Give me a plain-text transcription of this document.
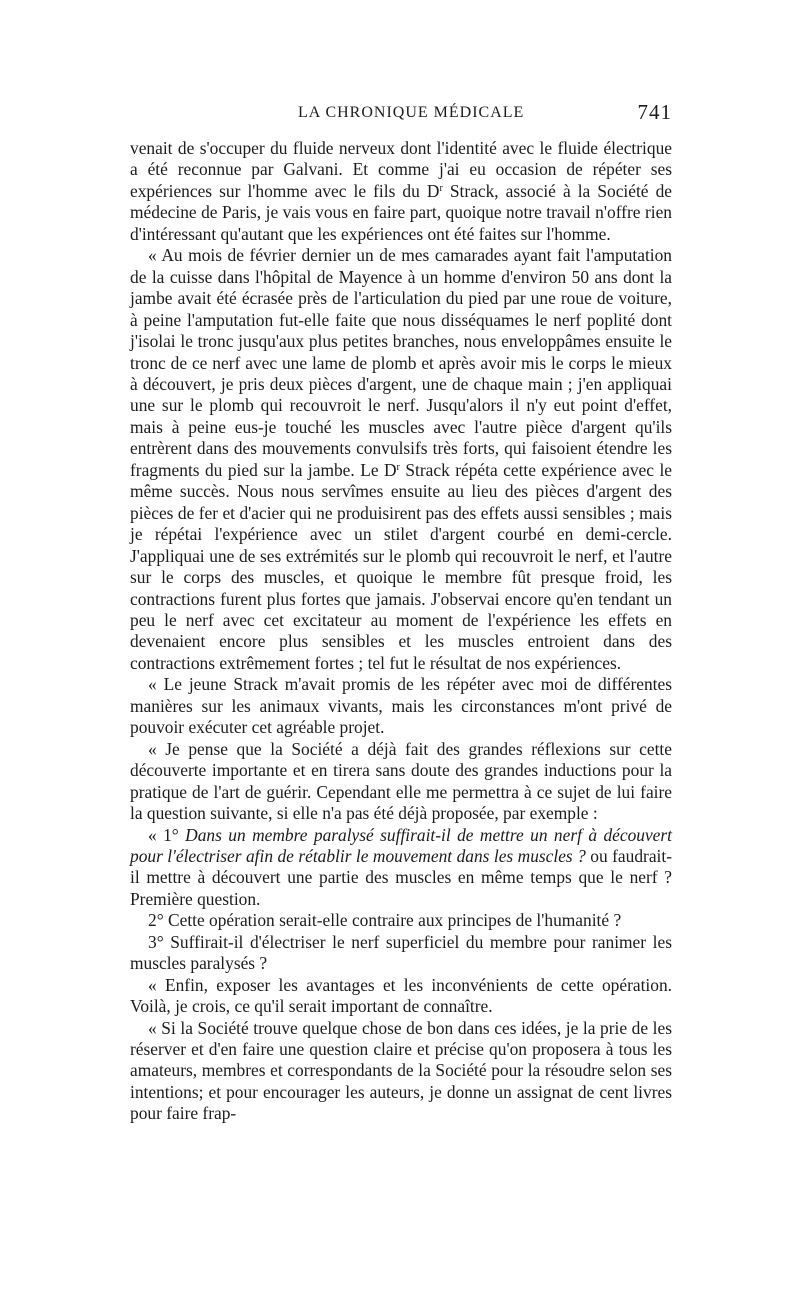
LA CHRONIQUE MÉDICALE	741

venait de s'occuper du fluide nerveux dont l'identité avec le fluide électrique a été reconnue par Galvani. Et comme j'ai eu occasion de répéter ses expériences sur l'homme avec le fils du $D^r$ Strack, associé à la Société de médecine de Paris, je vais vous en faire part, quoique notre travail n'offre rien d'intéressant qu'autant que les expériences ont été faites sur l'homme.

« Au mois de février dernier un de mes camarades ayant fait l'amputation de la cuisse dans l'hôpital de Mayence à un homme d'environ 50 ans dont la jambe avait été écrasée près de l'articulation du pied par une roue de voiture, à peine l'amputation fut-elle faite que nous disséquames le nerf poplité dont j'isolai le tronc jusqu'aux plus petites branches, nous enveloppâmes ensuite le tronc de ce nerf avec une lame de plomb et après avoir mis le corps le mieux à découvert, je pris deux pièces d'argent, une de chaque main ; j'en appliquai une sur le plomb qui recouvroit le nerf. Jusqu'alors il n'y eut point d'effet, mais à peine eus-je touché les muscles avec l'autre pièce d'argent qu'ils entrèrent dans des mouvements convulsifs très forts, qui faisoient étendre les fragments du pied sur la jambe. Le $D^r$ Strack répéta cette expérience avec le même succès. Nous nous servîmes ensuite au lieu des pièces d'argent des pièces de fer et d'acier qui ne produisirent pas des effets aussi sensibles ; mais je répétai l'expérience avec un stilet d'argent courbé en demi-cercle. J'appliquai une de ses extrémités sur le plomb qui recouvroit le nerf, et l'autre sur le corps des muscles, et quoique le membre fût presque froid, les contractions furent plus fortes que jamais. J'observai encore qu'en tendant un peu le nerf avec cet excitateur au moment de l'expérience les effets en devenaient encore plus sensibles et les muscles entroient dans des contractions extrêmement fortes ; tel fut le résultat de nos expériences.

« Le jeune Strack m'avait promis de les répéter avec moi de différentes manières sur les animaux vivants, mais les circonstances m'ont privé de pouvoir exécuter cet agréable projet.

« Je pense que la Société a déjà fait des grandes réflexions sur cette découverte importante et en tirera sans doute des grandes inductions pour la pratique de l'art de guérir. Cependant elle me permettra à ce sujet de lui faire la question suivante, si elle n'a pas été déjà proposée, par exemple :

« 1° Dans un membre paralysé suffirait-il de mettre un nerf à découvert pour l'électriser afin de rétablir le mouvement dans les muscles ? ou faudrait-il mettre à découvert une partie des muscles en même temps que le nerf ? Première question.

2° Cette opération serait-elle contraire aux principes de l'humanité ?

3° Suffirait-il d'électriser le nerf superficiel du membre pour ranimer les muscles paralysés ?

« Enfin, exposer les avantages et les inconvénients de cette opération. Voilà, je crois, ce qu'il serait important de connaître.

« Si la Société trouve quelque chose de bon dans ces idées, je la prie de les réserver et d'en faire une question claire et précise qu'on proposera à tous les amateurs, membres et correspondants de la Société pour la résoudre selon ses intentions; et pour encourager les auteurs, je donne un assignat de cent livres pour faire frap-
